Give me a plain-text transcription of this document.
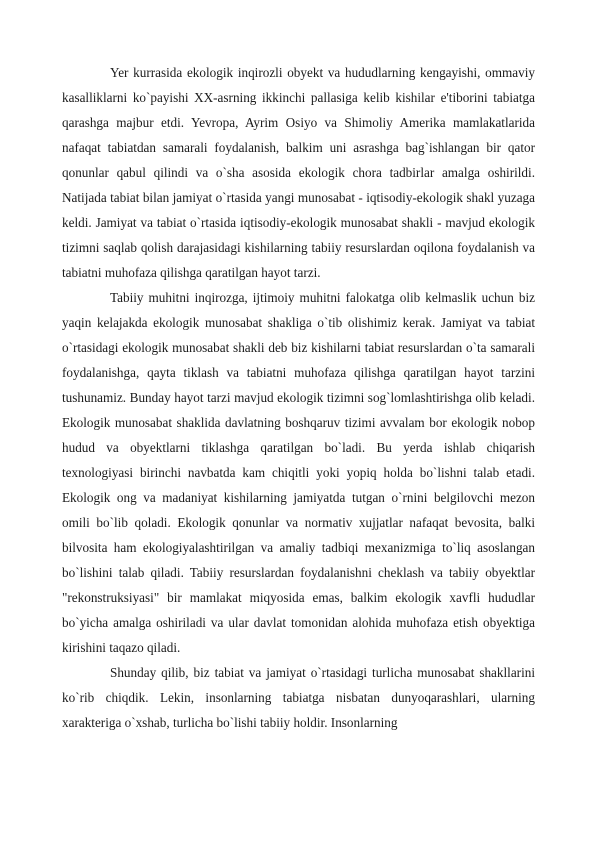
Yer kurrasida ekologik inqirozli obyekt va hududlarning kengayishi, ommaviy kasalliklarni ko`payishi XX-asrning ikkinchi pallasiga kelib kishilar e'tiborini tabiatga qarashga majbur etdi. Yevropa, Ayrim Osiyo va Shimoliy Amerika mamlakatlarida nafaqat tabiatdan samarali foydalanish, balkim uni asrashga bag`ishlangan bir qator qonunlar qabul qilindi va o`sha asosida ekologik chora tadbirlar amalga oshirildi. Natijada tabiat bilan jamiyat o`rtasida yangi munosabat - iqtisodiy-ekologik shakl yuzaga keldi. Jamiyat va tabiat o`rtasida iqtisodiy-ekologik munosabat shakli - mavjud ekologik tizimni saqlab qolish darajasidagi kishilarning tabiiy resurslardan oqilona foydalanish va tabiatni muhofaza qilishga qaratilgan hayot tarzi.

Tabiiy muhitni inqirozga, ijtimoiy muhitni falokatga olib kelmaslik uchun biz yaqin kelajakda ekologik munosabat shakliga o`tib olishimiz kerak. Jamiyat va tabiat o`rtasidagi ekologik munosabat shakli deb biz kishilarni tabiat resurslardan o`ta samarali foydalanishga, qayta tiklash va tabiatni muhofaza qilishga qaratilgan hayot tarzini tushunamiz. Bunday hayot tarzi mavjud ekologik tizimni sog`lomlashtirishga olib keladi. Ekologik munosabat shaklida davlatning boshqaruv tizimi avvalam bor ekologik nobop hudud va obyektlarni tiklashga qaratilgan bo`ladi. Bu yerda ishlab chiqarish texnologiyasi birinchi navbatda kam chiqitli yoki yopiq holda bo`lishni talab etadi. Ekologik ong va madaniyat kishilarning jamiyatda tutgan o`rnini belgilovchi mezon omili bo`lib qoladi. Ekologik qonunlar va normativ xujjatlar nafaqat bevosita, balki bilvosita ham ekologiyalashtirilgan va amaliy tadbiqi mexanizmiga to`liq asoslangan bo`lishini talab qiladi. Tabiiy resurslardan foydalanishni cheklash va tabiiy obyektlar "rekonstruksiyasi" bir mamlakat miqyosida emas, balkim ekologik xavfli hududlar bo`yicha amalga oshiriladi va ular davlat tomonidan alohida muhofaza etish obyektiga kirishini taqazo qiladi.

Shunday qilib, biz tabiat va jamiyat o`rtasidagi turlicha munosabat shakllarini ko`rib chiqdik. Lekin, insonlarning tabiatga nisbatan dunyoqarashlari, ularning xarakteriga o`xshab, turlicha bo`lishi tabiiy holdir. Insonlarning
